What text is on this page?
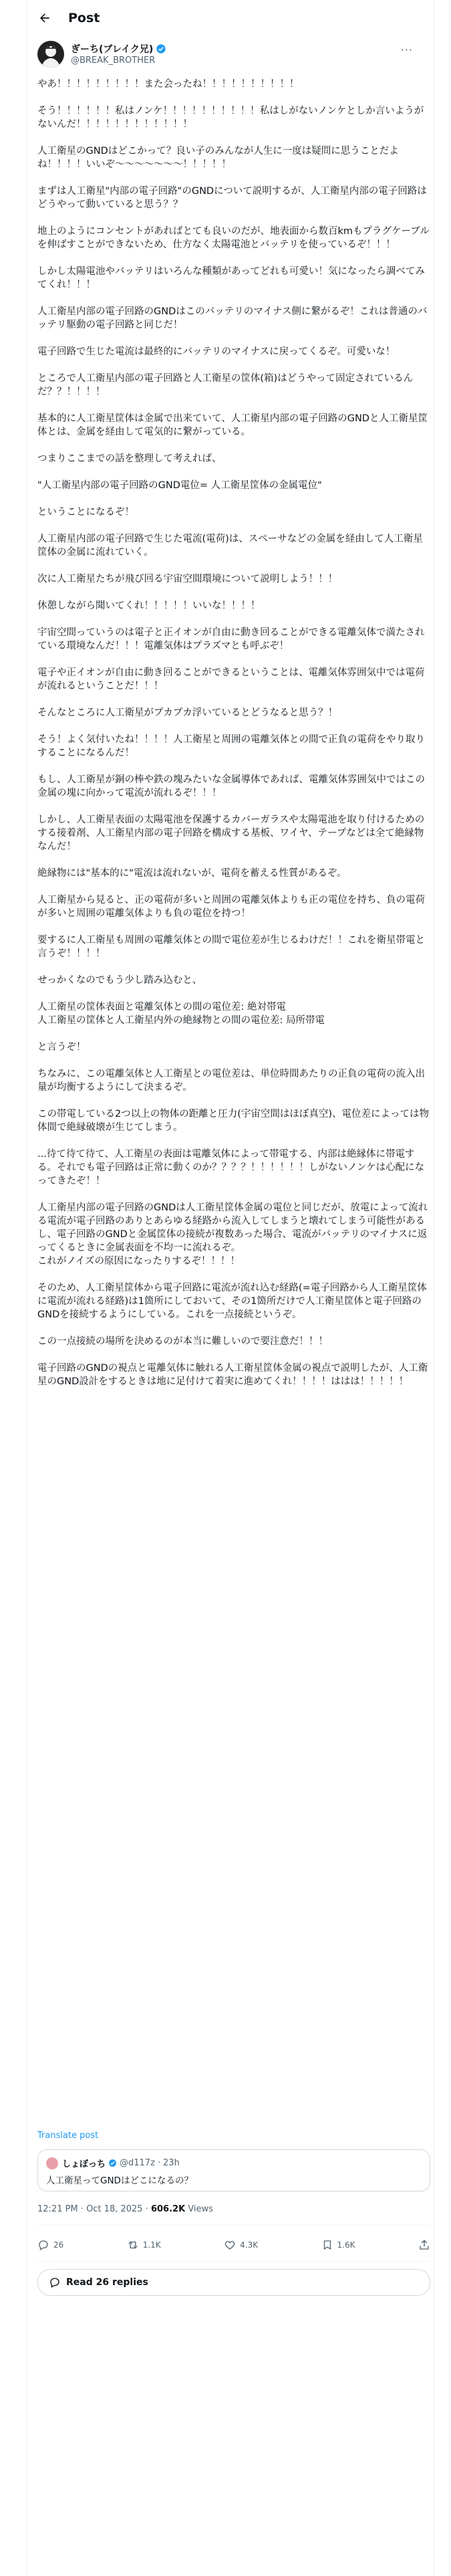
Post
ぎーち(ブレイク兄)
@BREAK_BROTHER
···

やあ！！！！！！！！！また会ったね！！！！！！！！！！

そう！！！！！！私はノンケ！！！！！！！！！！私はしがないノンケとしか言いようがないんだ！！！！！！！！！！！！

人工衛星のGNDはどこかって？良い子のみんなが人生に一度は疑問に思うことだよね！！！！いいぞ〜〜〜〜〜〜〜！！！！！

まずは人工衛星"内部の電子回路"のGNDについて説明するが、人工衛星内部の電子回路はどうやって動いていると思う？？

地上のようにコンセントがあればとても良いのだが、地表面から数百kmもプラグケーブルを伸ばすことができないため、仕方なく太陽電池とバッテリを使っているぞ！！！

しかし太陽電池やバッテリはいろんな種類があってどれも可愛い！気になったら調べてみてくれ！！！

人工衛星内部の電子回路のGNDはこのバッテリのマイナス側に繋がるぞ！これは普通のバッテリ駆動の電子回路と同じだ！

電子回路で生じた電流は最終的にバッテリのマイナスに戻ってくるぞ。可愛いな！

ところで人工衛星内部の電子回路と人工衛星の筐体(箱)はどうやって固定されているんだ？？！！！！

基本的に人工衛星筐体は金属で出来ていて、人工衛星内部の電子回路のGNDと人工衛星筐体とは、金属を経由して電気的に繋がっている。

つまりここまでの話を整理して考えれば、

"人工衛星内部の電子回路のGND電位= 人工衛星筐体の金属電位"

ということになるぞ！

人工衛星内部の電子回路で生じた電流(電荷)は、スペーサなどの金属を経由して人工衛星筐体の金属に流れていく。

次に人工衛星たちが飛び回る宇宙空間環境について説明しよう！！！

休憩しながら聞いてくれ！！！！！いいな！！！！

宇宙空間っていうのは電子と正イオンが自由に動き回ることができる電離気体で満たされている環境なんだ！！！電離気体はプラズマとも呼ぶぞ！

電子や正イオンが自由に動き回ることができるということは、電離気体雰囲気中では電荷が流れるということだ！！！

そんなところに人工衛星がプカプカ浮いているとどうなると思う？！

そう！よく気付いたね！！！！人工衛星と周囲の電離気体との間で正負の電荷をやり取りすることになるんだ！

もし、人工衛星が銅の棒や鉄の塊みたいな金属導体であれば、電離気体雰囲気中ではこの金属の塊に向かって電流が流れるぞ！！！

しかし、人工衛星表面の太陽電池を保護するカバーガラスや太陽電池を取り付けるためのする接着剤、人工衛星内部の電子回路を構成する基板、ワイヤ、テープなどは全て絶縁物なんだ！

絶縁物には"基本的に"電流は流れないが、電荷を蓄える性質があるぞ。

人工衛星から見ると、正の電荷が多いと周囲の電離気体よりも正の電位を持ち、負の電荷が多いと周囲の電離気体よりも負の電位を持つ！

要するに人工衛星も周囲の電離気体との間で電位差が生じるわけだ！！これを衛星帯電と言うぞ！！！！

せっかくなのでもう少し踏み込むと、

人工衛星の筐体表面と電離気体との間の電位差: 絶対帯電
人工衛星の筐体と人工衛星内外の絶縁物との間の電位差: 局所帯電

と言うぞ！

ちなみに、この電離気体と人工衛星との電位差は、単位時間あたりの正負の電荷の流入出量が均衡するようにして決まるぞ。

この帯電している2つ以上の物体の距離と圧力(宇宙空間はほぼ真空)、電位差によっては物体間で絶縁破壊が生じてしまう。

...待て待て待て、人工衛星の表面は電離気体によって帯電する、内部は絶縁体に帯電する。それでも電子回路は正常に動くのか？？？？！！！！！！しがないノンケは心配になってきたぞ！！

人工衛星内部の電子回路のGNDは人工衛星筐体金属の電位と同じだが、放電によって流れる電流が電子回路のありとあらゆる経路から流入してしまうと壊れてしまう可能性があるし、電子回路のGNDと金属筐体の接続が複数あった場合、電流がバッテリのマイナスに返ってくるときに金属表面を不均一に流れるぞ。
これがノイズの原因になったりするぞ！！！！

そのため、人工衛星筐体から電子回路に電流が流れ込む経路(=電子回路から人工衛星筐体に電流が流れる経路)は1箇所にしておいて、その1箇所だけで人工衛星筐体と電子回路のGNDを接続するようにしている。これを一点接続というぞ。

この一点接続の場所を決めるのが本当に難しいので要注意だ！！！

電子回路のGNDの視点と電離気体に触れる人工衛星筐体金属の視点で説明したが、人工衛星のGND設計をするときは地に足付けて着実に進めてくれ！！！！ははは！！！！！

Translate post
しょぼっち @d117z · 23h
人工衛星ってGNDはどこになるの？
12:21 PM · Oct 18, 2025 · 606.2K Views
26	1.1K	4.3K	1.6K
Read 26 replies
